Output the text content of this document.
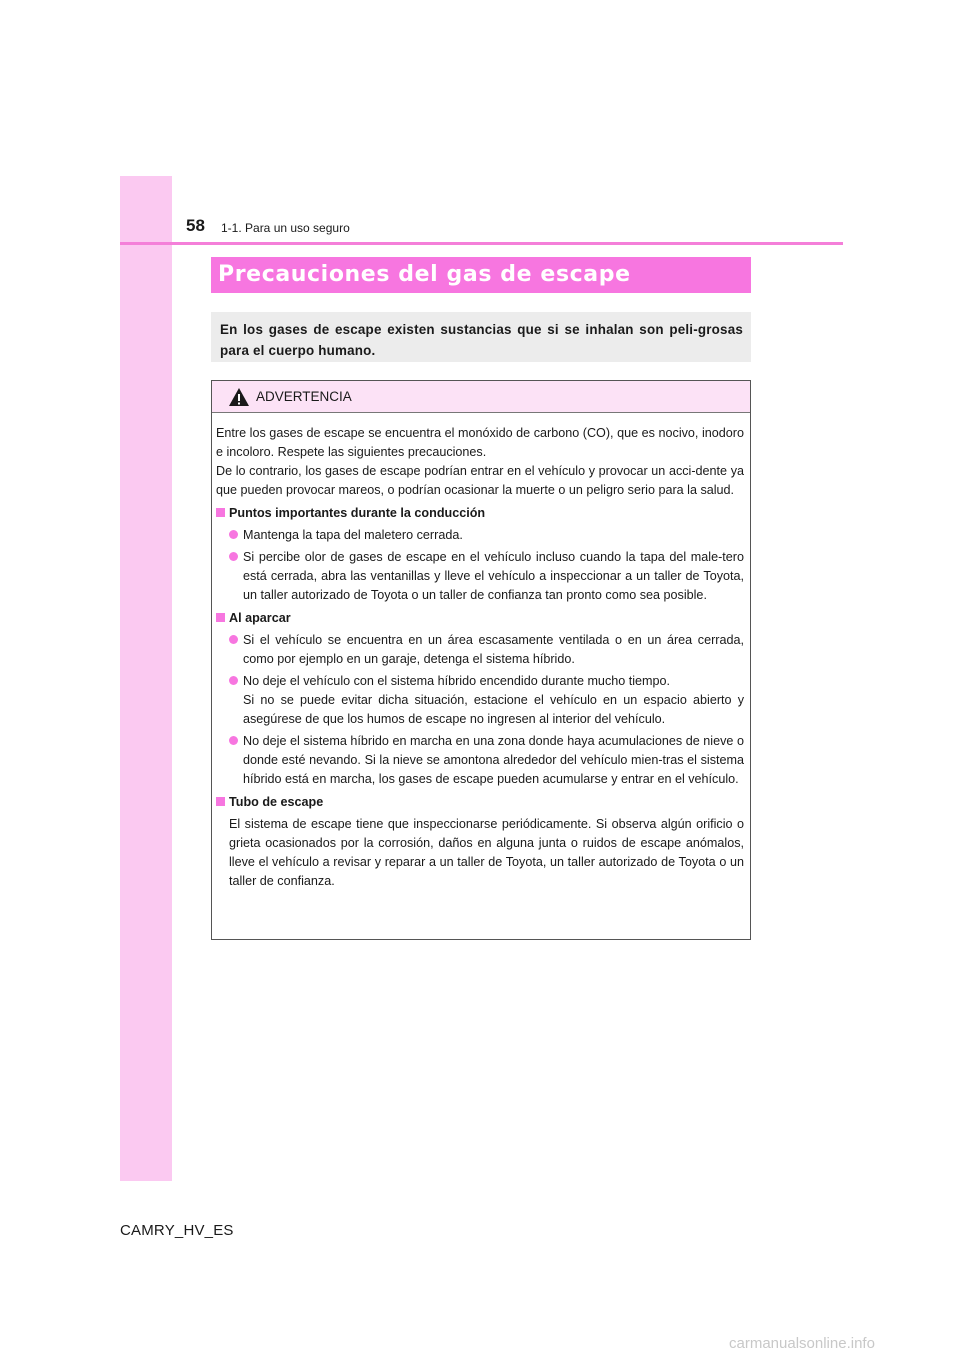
58 1-1. Para un uso seguro
Precauciones del gas de escape
En los gases de escape existen sustancias que si se inhalan son peli-grosas para el cuerpo humano.
ADVERTENCIA

Entre los gases de escape se encuentra el monóxido de carbono (CO), que es nocivo, inodoro e incoloro. Respete las siguientes precauciones.

De lo contrario, los gases de escape podrían entrar en el vehículo y provocar un acci-dente ya que pueden provocar mareos, o podrían ocasionar la muerte o un peligro serio para la salud.

Puntos importantes durante la conducción
Mantenga la tapa del maletero cerrada.
Si percibe olor de gases de escape en el vehículo incluso cuando la tapa del male-tero está cerrada, abra las ventanillas y lleve el vehículo a inspeccionar a un taller de Toyota, un taller autorizado de Toyota o un taller de confianza tan pronto como sea posible.
Al aparcar
Si el vehículo se encuentra en un área escasamente ventilada o en un área cerrada, como por ejemplo en un garaje, detenga el sistema híbrido.
No deje el vehículo con el sistema híbrido encendido durante mucho tiempo.
Si no se puede evitar dicha situación, estacione el vehículo en un espacio abierto y asegúrese de que los humos de escape no ingresen al interior del vehículo.
No deje el sistema híbrido en marcha en una zona donde haya acumulaciones de nieve o donde esté nevando. Si la nieve se amontona alrededor del vehículo mien-tras el sistema híbrido está en marcha, los gases de escape pueden acumularse y entrar en el vehículo.
Tubo de escape
El sistema de escape tiene que inspeccionarse periódicamente. Si observa algún orificio o grieta ocasionados por la corrosión, daños en alguna junta o ruidos de escape anómalos, lleve el vehículo a revisar y reparar a un taller de Toyota, un taller autorizado de Toyota o un taller de confianza.
CAMRY_HV_ES
carmanualsonline.info
